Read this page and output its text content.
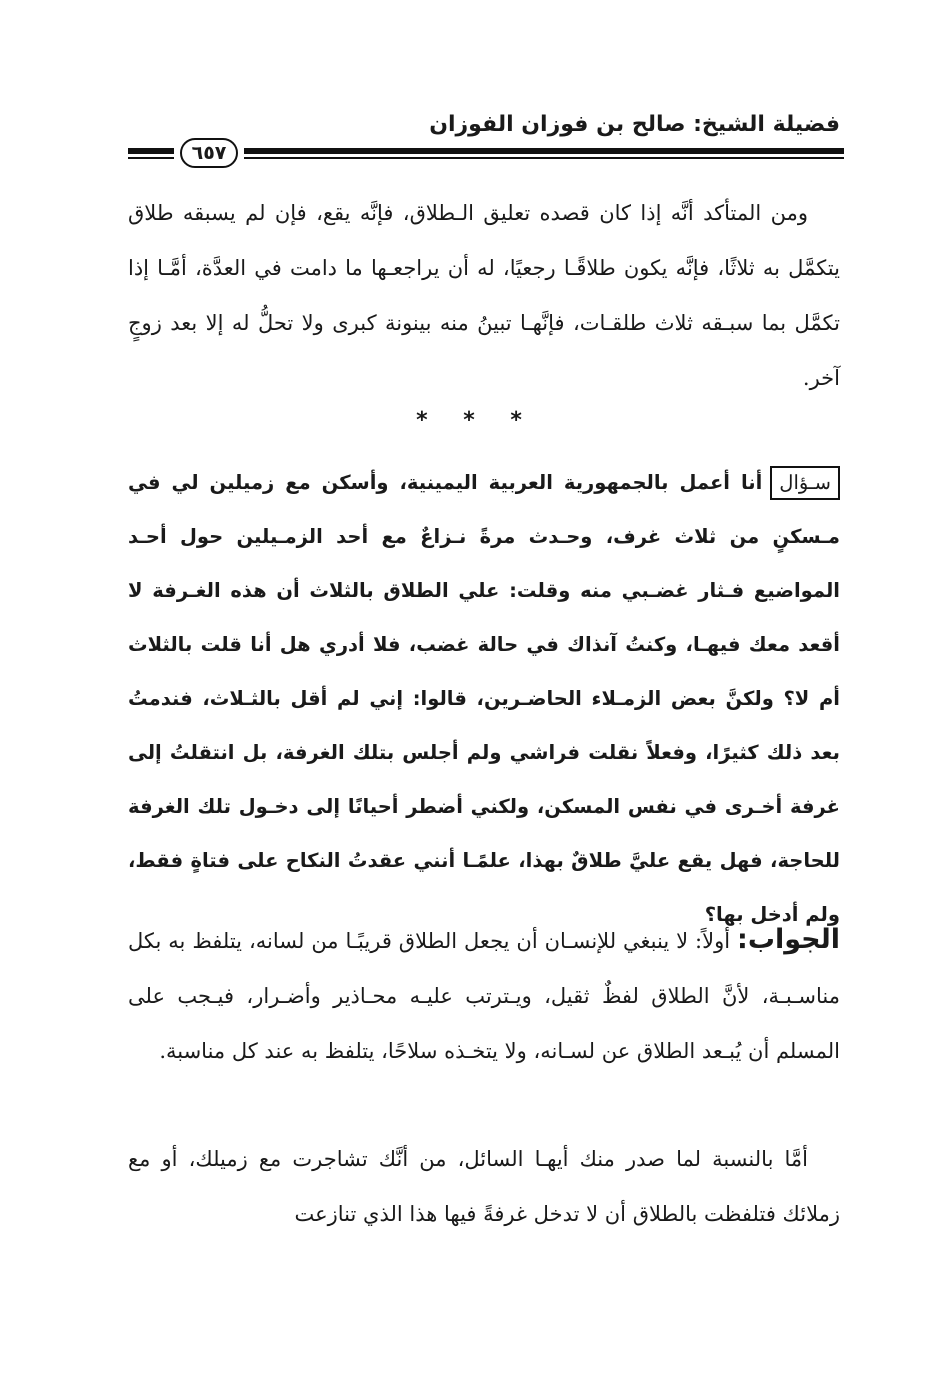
فضيلة الشيخ: صالح بن فوزان الفوزان
٦٥٧

ومن المتأكد أنَّه إذا كان قصده تعليق الـطلاق، فإنَّه يقع، فإن لم يسبقه طلاق يتكمَّل به ثلاثًا، فإنَّه يكون طلاقًـا رجعيًا، له أن يراجعـها ما دامت في العدَّة، أمَّـا إذا تكمَّل بما سبـقه ثلاث طلقـات، فإنَّهـا تبينُ منه بينونة كبرى ولا تحلُّ له إلا بعد زوجٍ آخر.

* * *

سـؤالأنا أعمل بالجمهورية العربية اليمينية، وأسكن مع زميلين لي في مـسكنٍ من ثلاث غرف، وحـدث مرةً نـزاعٌ مع أحد الزمـيلين حول أحـد المواضيع فـثار غضـبي منه وقلت: علي الطلاق بالثلاث أن هذه الغـرفة لا أقعد معك فيهـا، وكنتُ آنذاك في حالة غضب، فلا أدري هل أنا قلت بالثلاث أم لا؟ ولكنَّ بعض الزمـلاء الحاضـرين، قالوا: إني لم أقل بالثـلاث، فندمتُ بعد ذلك كثيرًا، وفعلاً نقلت فراشي ولم أجلس بتلك الغرفة، بل انتقلتُ إلى غرفة أخـرى في نفس المسكن، ولكني أضطر أحيانًا إلى دخـول تلك الغرفة للحاجة، فهل يقع عليَّ طلاقٌ بهذا، علمًـا أنني عقدتُ النكاح على فتاةٍ فقط، ولم أدخل بها؟

الجواب: أولاً: لا ينبغي للإنسـان أن يجعل الطلاق قريبًـا من لسانه، يتلفظ به بكل مناسـبـة، لأنَّ الطلاق لفظٌ ثقيل، ويـترتب عليـه محـاذير وأضـرار، فيـجب على المسلم أن يُبـعد الطلاق عن لسـانه، ولا يتخـذه سلاحًا، يتلفظ به عند كل مناسبة.

أمَّا بالنسبة لما صدر منك أيهـا السائل، من أنَّك تشاجرت مع زميلك، أو مع زملائك فتلفظت بالطلاق أن لا تدخل غرفةً فيها هذا الذي تنازعت
